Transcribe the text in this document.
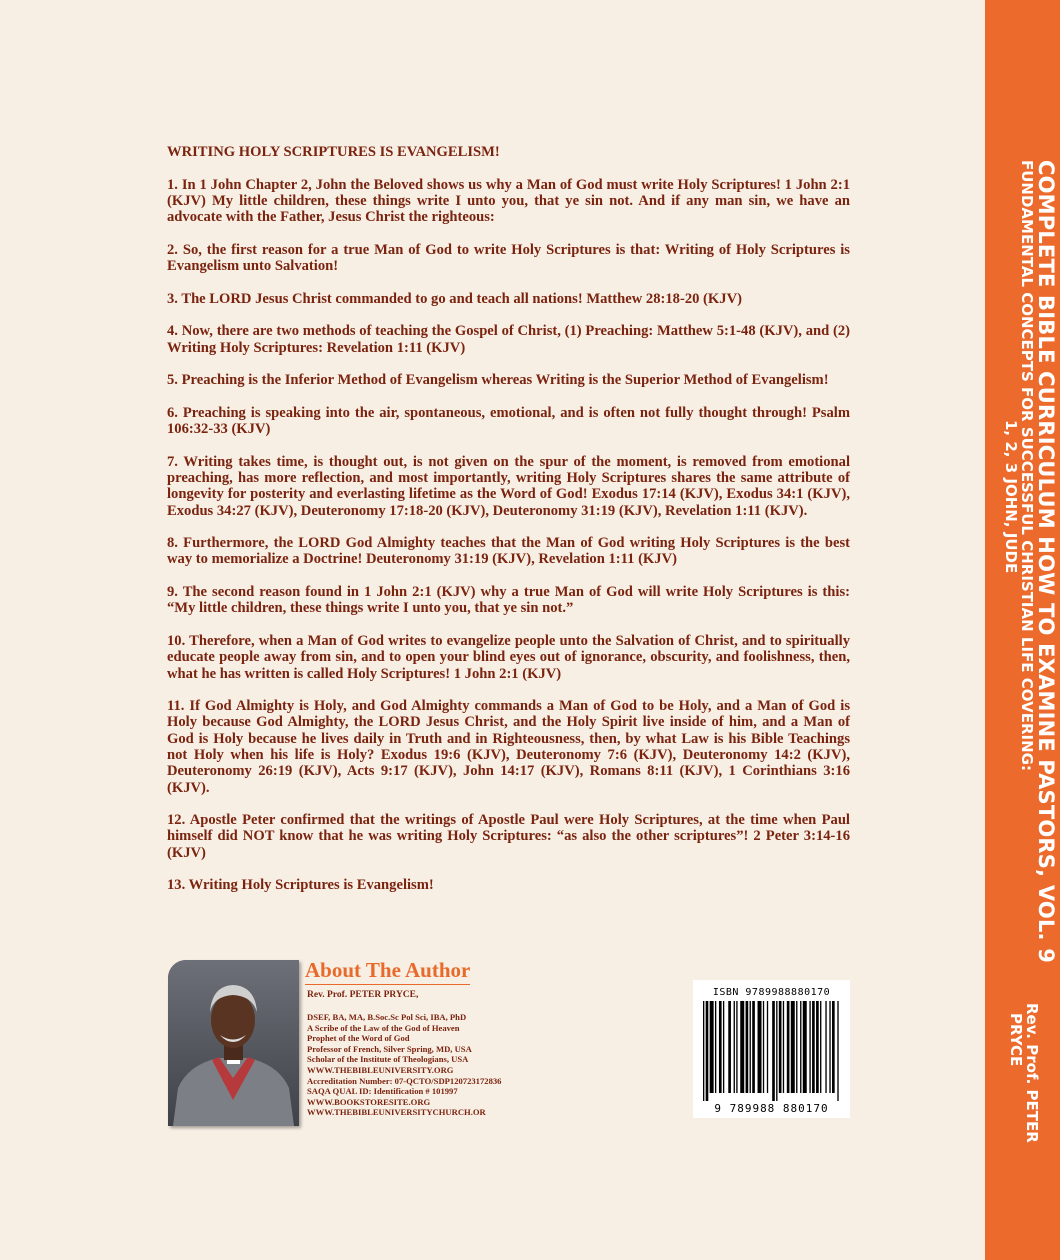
WRITING HOLY SCRIPTURES IS EVANGELISM!

1. In 1 John Chapter 2, John the Beloved shows us why a Man of God must write Holy Scriptures! 1 John 2:1 (KJV) My little children, these things write I unto you, that ye sin not. And if any man sin, we have an advocate with the Father, Jesus Christ the righteous:

2. So, the first reason for a true Man of God to write Holy Scriptures is that: Writing of Holy Scriptures is Evangelism unto Salvation!

3. The LORD Jesus Christ commanded to go and teach all nations! Matthew 28:18-20 (KJV)

4. Now, there are two methods of teaching the Gospel of Christ, (1) Preaching: Matthew 5:1-48 (KJV), and (2) Writing Holy Scriptures: Revelation 1:11 (KJV)

5. Preaching is the Inferior Method of Evangelism whereas Writing is the Superior Method of Evangelism!

6. Preaching is speaking into the air, spontaneous, emotional, and is often not fully thought through! Psalm 106:32-33 (KJV)

7. Writing takes time, is thought out, is not given on the spur of the moment, is removed from emotional preaching, has more reflection, and most importantly, writing Holy Scriptures shares the same attribute of longevity for posterity and everlasting lifetime as the Word of God! Exodus 17:14 (KJV), Exodus 34:1 (KJV), Exodus 34:27 (KJV), Deuteronomy 17:18-20 (KJV), Deuteronomy 31:19 (KJV), Revelation 1:11 (KJV).

8. Furthermore, the LORD God Almighty teaches that the Man of God writing Holy Scriptures is the best way to memorialize a Doctrine! Deuteronomy 31:19 (KJV), Revelation 1:11 (KJV)

9. The second reason found in 1 John 2:1 (KJV) why a true Man of God will write Holy Scriptures is this: “My little children, these things write I unto you, that ye sin not.”

10. Therefore, when a Man of God writes to evangelize people unto the Salvation of Christ, and to spiritually educate people away from sin, and to open your blind eyes out of ignorance, obscurity, and foolishness, then, what he has written is called Holy Scriptures! 1 John 2:1 (KJV)

11. If God Almighty is Holy, and God Almighty commands a Man of God to be Holy, and a Man of God is Holy because God Almighty, the LORD Jesus Christ, and the Holy Spirit live inside of him, and a Man of God is Holy because he lives daily in Truth and in Righteousness, then, by what Law is his Bible Teachings not Holy when his life is Holy? Exodus 19:6 (KJV), Deuteronomy 7:6 (KJV), Deuteronomy 14:2 (KJV), Deuteronomy 26:19 (KJV), Acts 9:17 (KJV), John 14:17 (KJV), Romans 8:11 (KJV), 1 Corinthians 3:16 (KJV).

12. Apostle Peter confirmed that the writings of Apostle Paul were Holy Scriptures, at the time when Paul himself did NOT know that he was writing Holy Scriptures: “as also the other scriptures”! 2 Peter 3:14-16 (KJV)

13. Writing Holy Scriptures is Evangelism!

About The Author
Rev. Prof. PETER PRYCE,
DSEF, BA, MA, B.Soc.Sc Pol Sci, IBA, PhD
A Scribe of the Law of the God of Heaven
Prophet of the Word of God
Professor of French, Silver Spring, MD, USA
Scholar of the Institute of Theologians, USA
WWW.THEBIBLEUNIVERSITY.ORG
Accreditation Number: 07-QCTO/SDP120723172836
SAQA QUAL ID: Identification # 101997
WWW.BOOKSTORESITE.ORG
WWW.THEBIBLEUNIVERSITYCHURCH.OR
ISBN 9789988880170
9 789988 880170
COMPLETE BIBLE CURRICULUM HOW TO EXAMINE PASTORS, VOL. 9
FUNDAMENTAL CONCEPTS FOR SUCCESSFUL CHRISTIAN LIFE COVERING:
1, 2, 3 JOHN, JUDE
Rev. Prof. PETER
PRYCE
